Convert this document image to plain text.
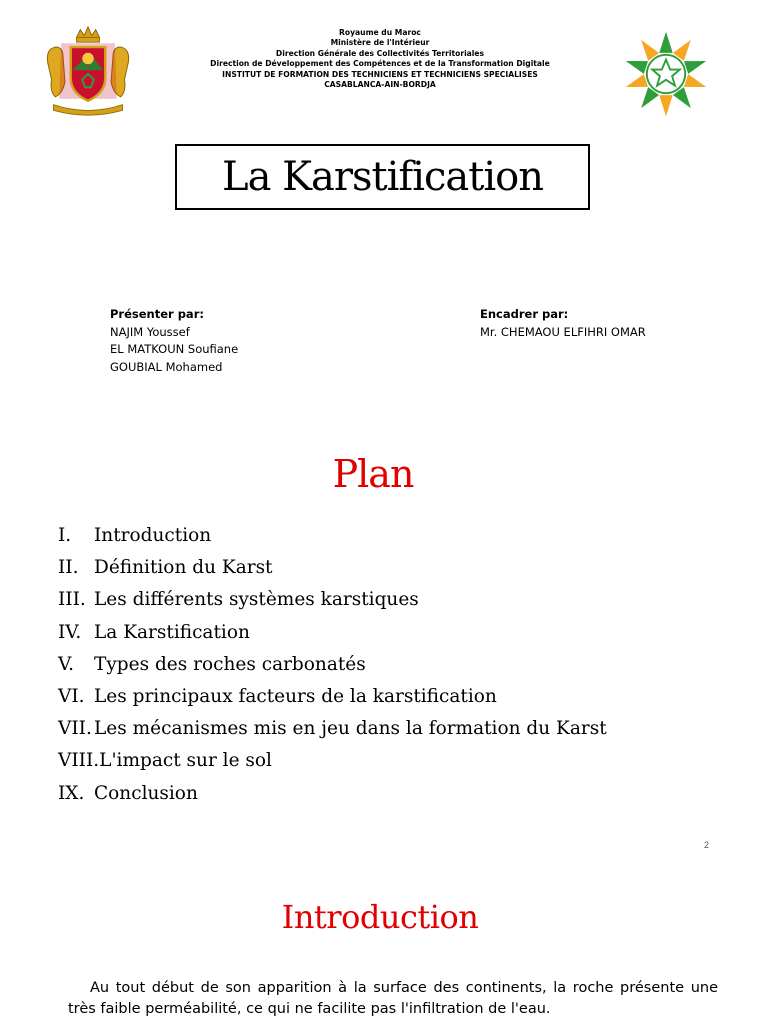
Royaume du Maroc
Ministère de l'Intérieur
Direction Générale des Collectivités Territoriales
Direction de Développement des Compétences et de la Transformation Digitale
INSTITUT DE FORMATION DES TECHNICIENS ET TECHNICIENS SPECIALISES
CASABLANCA-AIN-BORDJA
La Karstification
Présenter par:
NAJIM Youssef
EL MATKOUN Soufiane
GOUBIAL Mohamed
Encadrer par:
Mr. CHEMAOU ELFIHRI OMAR
Plan
I.	Introduction
II. Définition du Karst
III. Les différents systèmes karstiques
IV. La Karstification
V.	Types des roches carbonatés
VI. Les principaux facteurs de la karstification
VII. Les mécanismes mis en jeu dans la formation du Karst
VIII. L'impact sur le sol
IX. Conclusion
2
Introduction
Au tout début de son apparition à la surface des continents, la roche présente une très faible perméabilité, ce qui ne facilite pas l'infiltration de l'eau.
